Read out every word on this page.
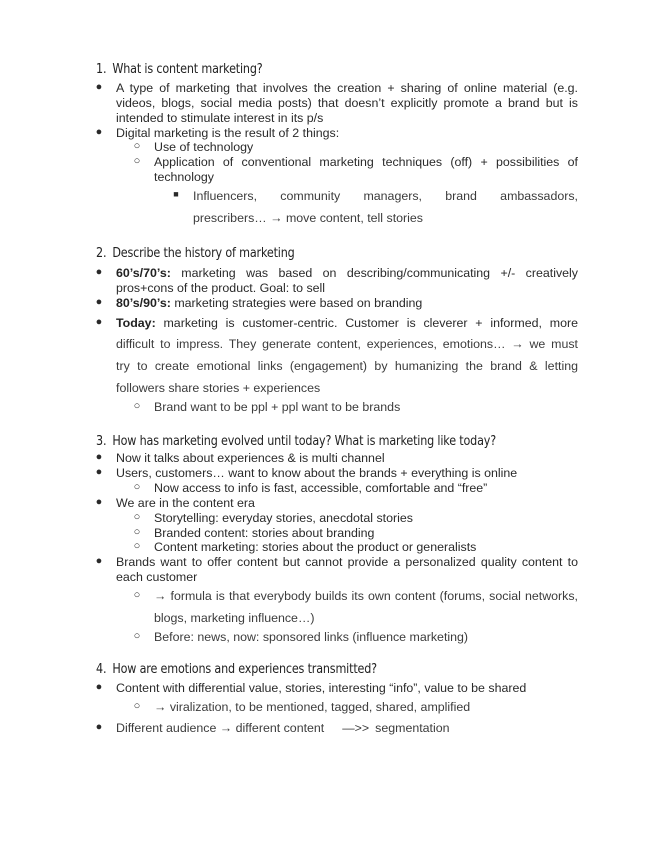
1. What is content marketing?
● A type of marketing that involves the creation + sharing of online material (e.g.
videos, blogs, social media posts) that doesn’t explicitly promote a brand but is
intended to stimulate interest in its p/s
● Digital marketing is the result of 2 things:
○ Use of technology
○ Application of conventional marketing techniques (off) + possibilities of
technology
■ Influencers, community managers, brand ambassadors,
prescribers… → move content, tell stories
2. Describe the history of marketing
● 60’s/70’s: marketing was based on describing/communicating +/- creatively
pros+cons of the product. Goal: to sell
● 80’s/90’s: marketing strategies were based on branding
● Today: marketing is customer-centric. Customer is cleverer + informed, more
difficult to impress. They generate content, experiences, emotions… → we must
try to create emotional links (engagement) by humanizing the brand & letting
followers share stories + experiences
○ Brand want to be ppl + ppl want to be brands
3. How has marketing evolved until today? What is marketing like today?
● Now it talks about experiences & is multi channel
● Users, customers… want to know about the brands + everything is online
○ Now access to info is fast, accessible, comfortable and “free”
● We are in the content era
○ Storytelling: everyday stories, anecdotal stories
○ Branded content: stories about branding
○ Content marketing: stories about the product or generalists
● Brands want to offer content but cannot provide a personalized quality content to
each customer
○ → formula is that everybody builds its own content (forums, social networks,
blogs, marketing influence…)
○ Before: news, now: sponsored links (influence marketing)
4. How are emotions and experiences transmitted?
● Content with differential value, stories, interesting “info”, value to be shared
○ → viralization, to be mentioned, tagged, shared, amplified
● Different audience → different content —>> segmentation
